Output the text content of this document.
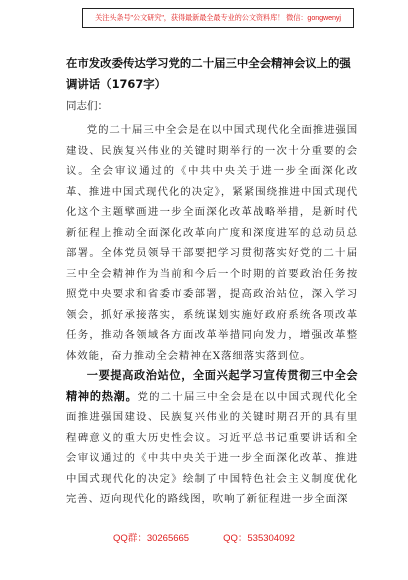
关注头条号"公文研究"，获得最新最全最专业的公文资料库！ 微信：gongwenyj
在市发改委传达学习党的二十届三中全会精神会议上的强调讲话（1767字）
同志们：

党的二十届三中全会是在以中国式现代化全面推进强国建设、民族复兴伟业的关键时期举行的一次十分重要的会议。全会审议通过的《中共中央关于进一步全面深化改革、推进中国式现代化的决定》，紧紧围绕推进中国式现代化这个主题擘画进一步全面深化改革战略举措，是新时代新征程上推动全面深化改革向广度和深度进军的总动员总部署。全体党员领导干部要把学习贯彻落实好党的二十届三中全会精神作为当前和今后一个时期的首要政治任务按照党中央要求和省委市委部署，提高政治站位，深入学习领会，抓好承接落实，系统谋划实施好政府系统各项改革任务，推动各领域各方面改革举措同向发力，增强改革整体效能，奋力推动全会精神在X落细落实落到位。

一要提高政治站位，全面兴起学习宣传贯彻三中全会精神的热潮。党的二十届三中全会是在以中国式现代化全面推进强国建设、民族复兴伟业的关键时期召开的具有里程碑意义的重大历史性会议。习近平总书记重要讲话和全会审议通过的《中共中央关于进一步全面深化改革、推进中国式现代化的决定》绘制了中国特色社会主义制度优化完善、迈向现代化的路线图，吹响了新征程进一步全面深

QQ群：30265665	QQ：535304092
